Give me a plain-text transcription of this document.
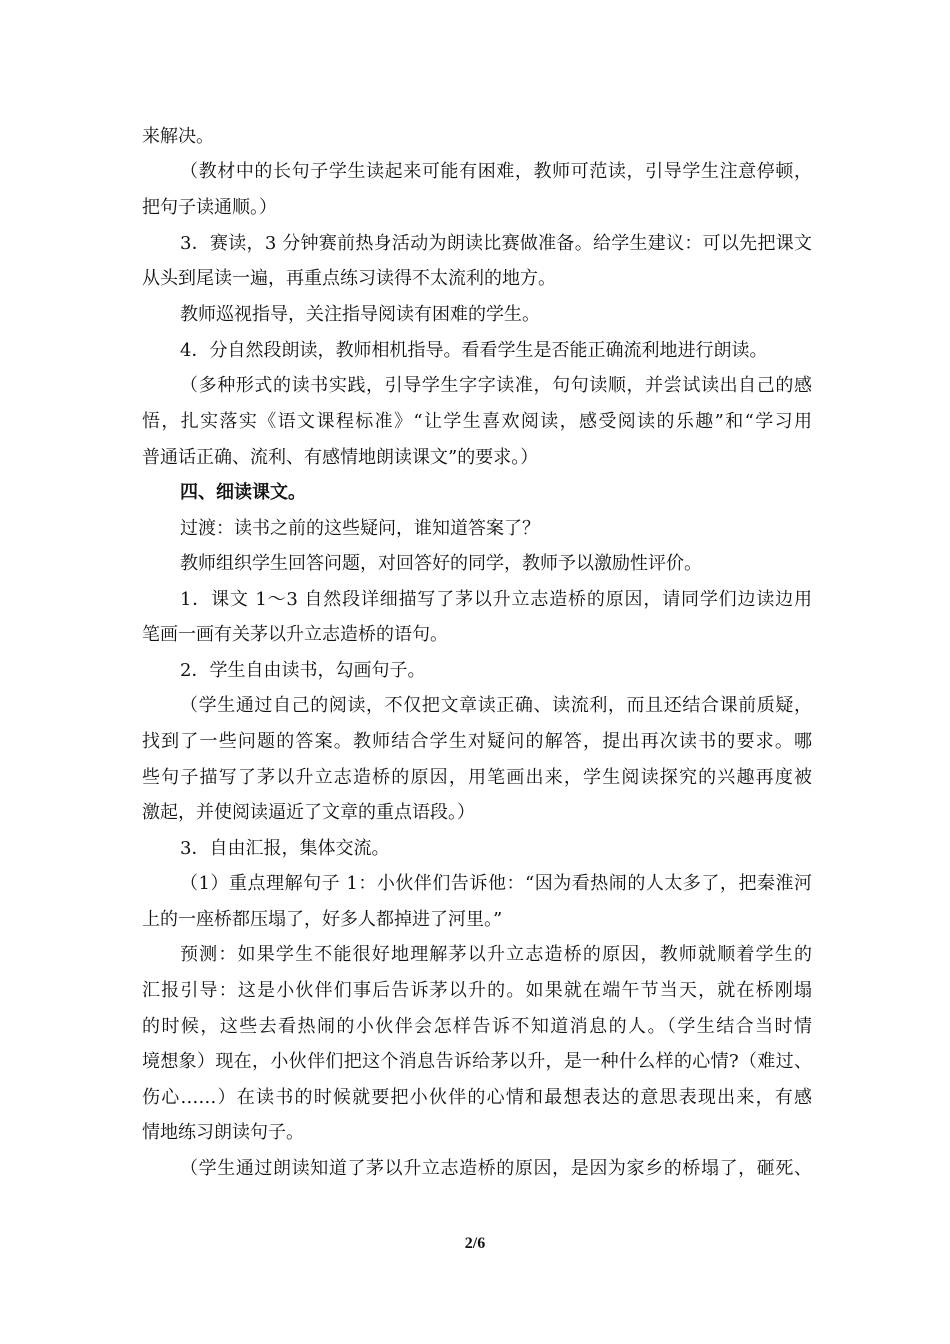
来解决。
（教材中的长句子学生读起来可能有困难，教师可范读，引导学生注意停顿，
把句子读通顺。）
3．赛读，3 分钟赛前热身活动为朗读比赛做准备。给学生建议：可以先把课文
从头到尾读一遍，再重点练习读得不太流利的地方。
教师巡视指导，关注指导阅读有困难的学生。
4．分自然段朗读，教师相机指导。看看学生是否能正确流利地进行朗读。
（多种形式的读书实践，引导学生字字读准，句句读顺，并尝试读出自己的感
悟，扎实落实《语文课程标准》“让学生喜欢阅读，感受阅读的乐趣”和“学习用
普通话正确、流利、有感情地朗读课文”的要求。）
四、细读课文。
过渡：读书之前的这些疑问，谁知道答案了？
教师组织学生回答问题，对回答好的同学，教师予以激励性评价。
1．课文 1～3 自然段详细描写了茅以升立志造桥的原因，请同学们边读边用
笔画一画有关茅以升立志造桥的语句。
2．学生自由读书，勾画句子。
（学生通过自己的阅读，不仅把文章读正确、读流利，而且还结合课前质疑，
找到了一些问题的答案。教师结合学生对疑问的解答，提出再次读书的要求。哪
些句子描写了茅以升立志造桥的原因，用笔画出来，学生阅读探究的兴趣再度被
激起，并使阅读逼近了文章的重点语段。）
3．自由汇报，集体交流。
（1）重点理解句子 1：小伙伴们告诉他：“因为看热闹的人太多了，把秦淮河
上的一座桥都压塌了，好多人都掉进了河里。”
预测：如果学生不能很好地理解茅以升立志造桥的原因，教师就顺着学生的
汇报引导：这是小伙伴们事后告诉茅以升的。如果就在端午节当天，就在桥刚塌
的时候，这些去看热闹的小伙伴会怎样告诉不知道消息的人。（学生结合当时情
境想象）现在，小伙伴们把这个消息告诉给茅以升，是一种什么样的心情?（难过、
伤心……）在读书的时候就要把小伙伴的心情和最想表达的意思表现出来，有感
情地练习朗读句子。
（学生通过朗读知道了茅以升立志造桥的原因，是因为家乡的桥塌了，砸死、
2/6
